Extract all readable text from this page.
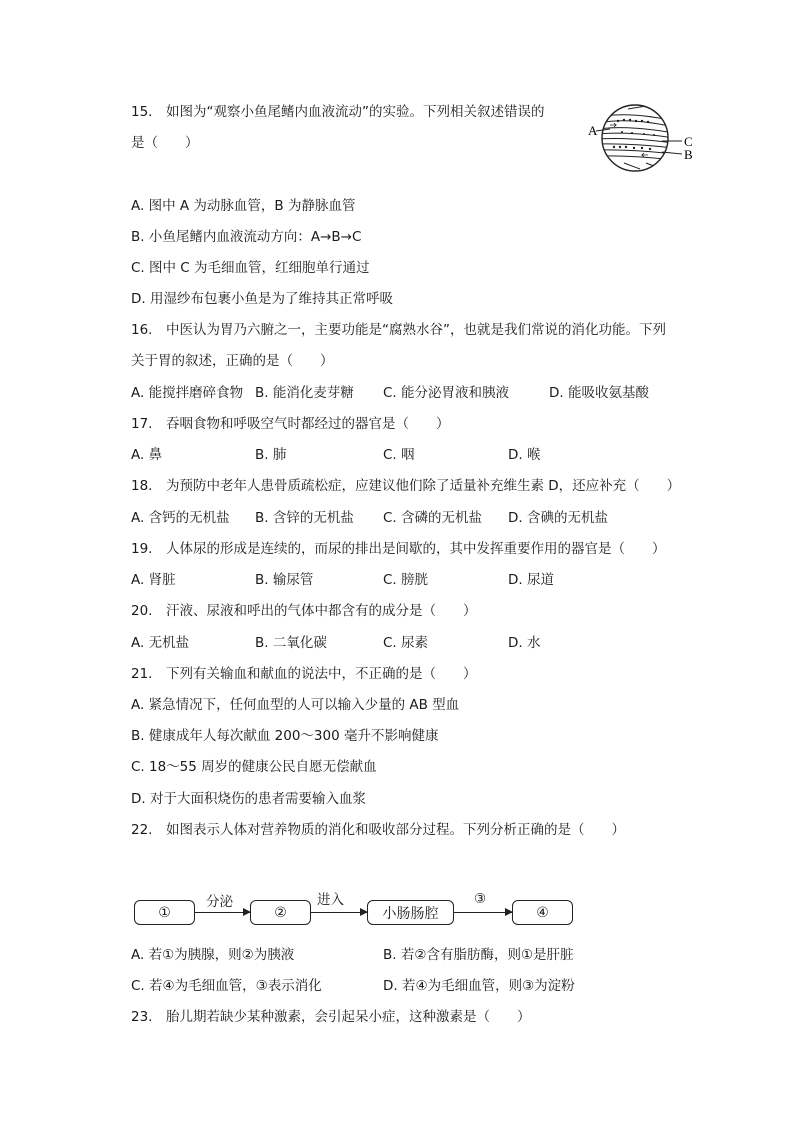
15.　如图为“观察小鱼尾鳍内血液流动”的实验。下列相关叙述错误的
是（　　）
A
C
B
A. 图中 A 为动脉血管，B 为静脉血管
B. 小鱼尾鳍内血液流动方向：A→B→C
C. 图中 C 为毛细血管，红细胞单行通过
D. 用湿纱布包裹小鱼是为了维持其正常呼吸
16.　中医认为胃乃六腑之一，主要功能是“腐熟水谷”，也就是我们常说的消化功能。下列
关于胃的叙述，正确的是（　　）
A. 能搅拌磨碎食物 B. 能消化麦芽糖 C. 能分泌胃液和胰液	D. 能吸收氨基酸
17.　吞咽食物和呼吸空气时都经过的器官是（　　）
A. 鼻	B. 肺	C. 咽	D. 喉
18.　为预防中老年人患骨质疏松症，应建议他们除了适量补充维生素 D，还应补充（　　）
A. 含钙的无机盐 B. 含锌的无机盐 C. 含磷的无机盐 D. 含碘的无机盐
19.　人体尿的形成是连续的，而尿的排出是间歇的，其中发挥重要作用的器官是（　　）
A. 肾脏	B. 输尿管	C. 膀胱	D. 尿道
20.　汗液、尿液和呼出的气体中都含有的成分是（　　）
A. 无机盐	B. 二氧化碳	C. 尿素	D. 水
21.　下列有关输血和献血的说法中，不正确的是（　　）
A. 紧急情况下，任何血型的人可以输入少量的 AB 型血
B. 健康成年人每次献血 200～300 毫升不影响健康
C. 18～55 周岁的健康公民自愿无偿献血
D. 对于大面积烧伤的患者需要输入血浆
22.　如图表示人体对营养物质的消化和吸收部分过程。下列分析正确的是（　　）
①
分泌
②
进入
小肠肠腔
③
④
A. 若①为胰腺，则②为胰液	B. 若②含有脂肪酶，则①是肝脏
C. 若④为毛细血管，③表示消化	D. 若④为毛细血管，则③为淀粉
23.　胎儿期若缺少某种激素，会引起呆小症，这种激素是（　　）
